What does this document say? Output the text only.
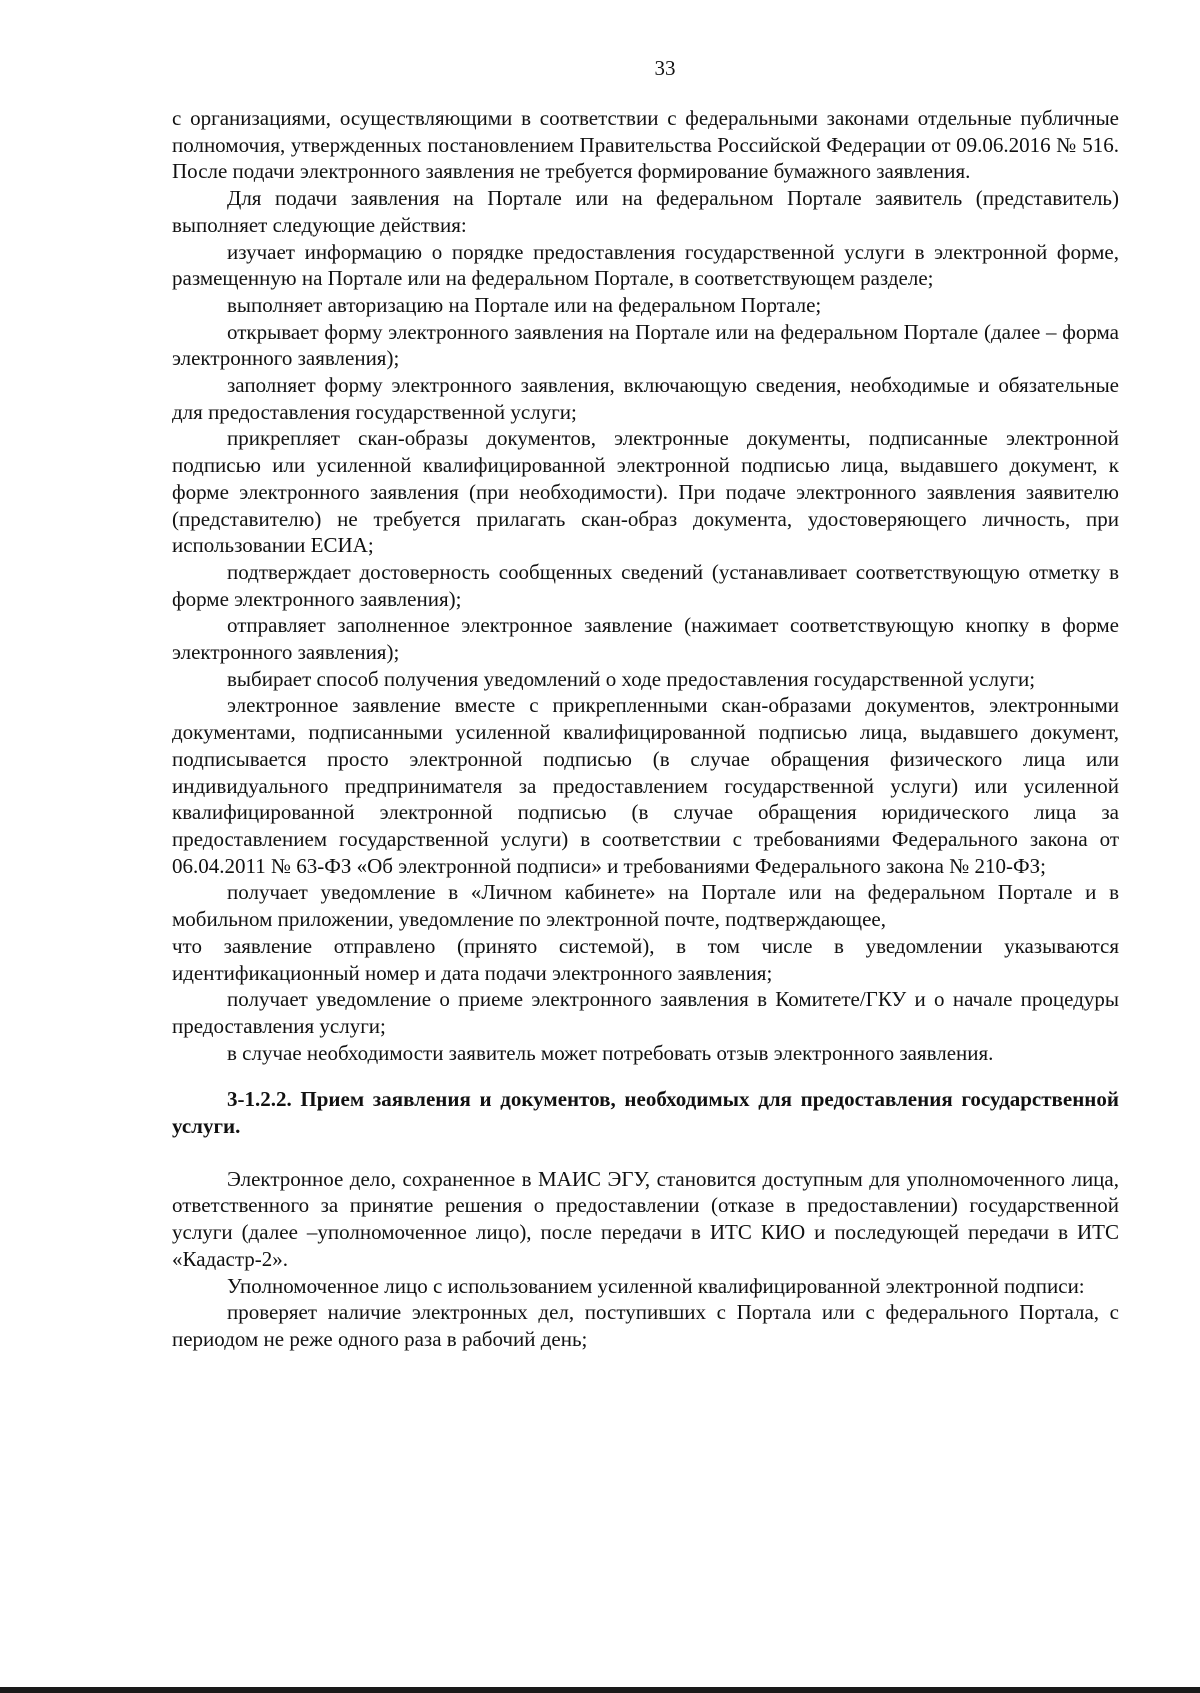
33

с организациями, осуществляющими в соответствии с федеральными законами отдельные публичные полномочия, утвержденных постановлением Правительства Российской Федерации от 09.06.2016 № 516. После подачи электронного заявления не требуется формирование бумажного заявления.

Для подачи заявления на Портале или на федеральном Портале заявитель (представитель) выполняет следующие действия:

изучает информацию о порядке предоставления государственной услуги в электронной форме, размещенную на Портале или на федеральном Портале, в соответствующем разделе;

выполняет авторизацию на Портале или на федеральном Портале;

открывает форму электронного заявления на Портале или на федеральном Портале (далее – форма электронного заявления);

заполняет форму электронного заявления, включающую сведения, необходимые и обязательные для предоставления государственной услуги;

прикрепляет скан-образы документов, электронные документы, подписанные электронной подписью или усиленной квалифицированной электронной подписью лица, выдавшего документ, к форме электронного заявления (при необходимости). При подаче электронного заявления заявителю (представителю) не требуется прилагать скан-образ документа, удостоверяющего личность, при использовании ЕСИА;

подтверждает достоверность сообщенных сведений (устанавливает соответствующую отметку в форме электронного заявления);

отправляет заполненное электронное заявление (нажимает соответствующую кнопку в форме электронного заявления);

выбирает способ получения уведомлений о ходе предоставления государственной услуги;

электронное заявление вместе с прикрепленными скан-образами документов, электронными документами, подписанными усиленной квалифицированной подписью лица, выдавшего документ, подписывается просто электронной подписью (в случае обращения физического лица или индивидуального предпринимателя за предоставлением государственной услуги) или усиленной квалифицированной электронной подписью (в случае обращения юридического лица за предоставлением государственной услуги) в соответствии с требованиями Федерального закона от 06.04.2011 № 63-ФЗ «Об электронной подписи» и требованиями Федерального закона № 210-ФЗ;

получает уведомление в «Личном кабинете» на Портале или на федеральном Портале и в мобильном приложении, уведомление по электронной почте, подтверждающее,

что заявление отправлено (принято системой), в том числе в уведомлении указываются идентификационный номер и дата подачи электронного заявления;

получает уведомление о приеме электронного заявления в Комитете/ГКУ и о начале процедуры предоставления услуги;

в случае необходимости заявитель может потребовать отзыв электронного заявления.

3-1.2.2. Прием заявления и документов, необходимых для предоставления государственной услуги.

Электронное дело, сохраненное в МАИС ЭГУ, становится доступным для уполномоченного лица, ответственного за принятие решения о предоставлении (отказе в предоставлении) государственной услуги (далее –уполномоченное лицо), после передачи в ИТС КИО и последующей передачи в ИТС «Кадастр-2».

Уполномоченное лицо с использованием усиленной квалифицированной электронной подписи:

проверяет наличие электронных дел, поступивших с Портала или с федерального Портала, с периодом не реже одного раза в рабочий день;
